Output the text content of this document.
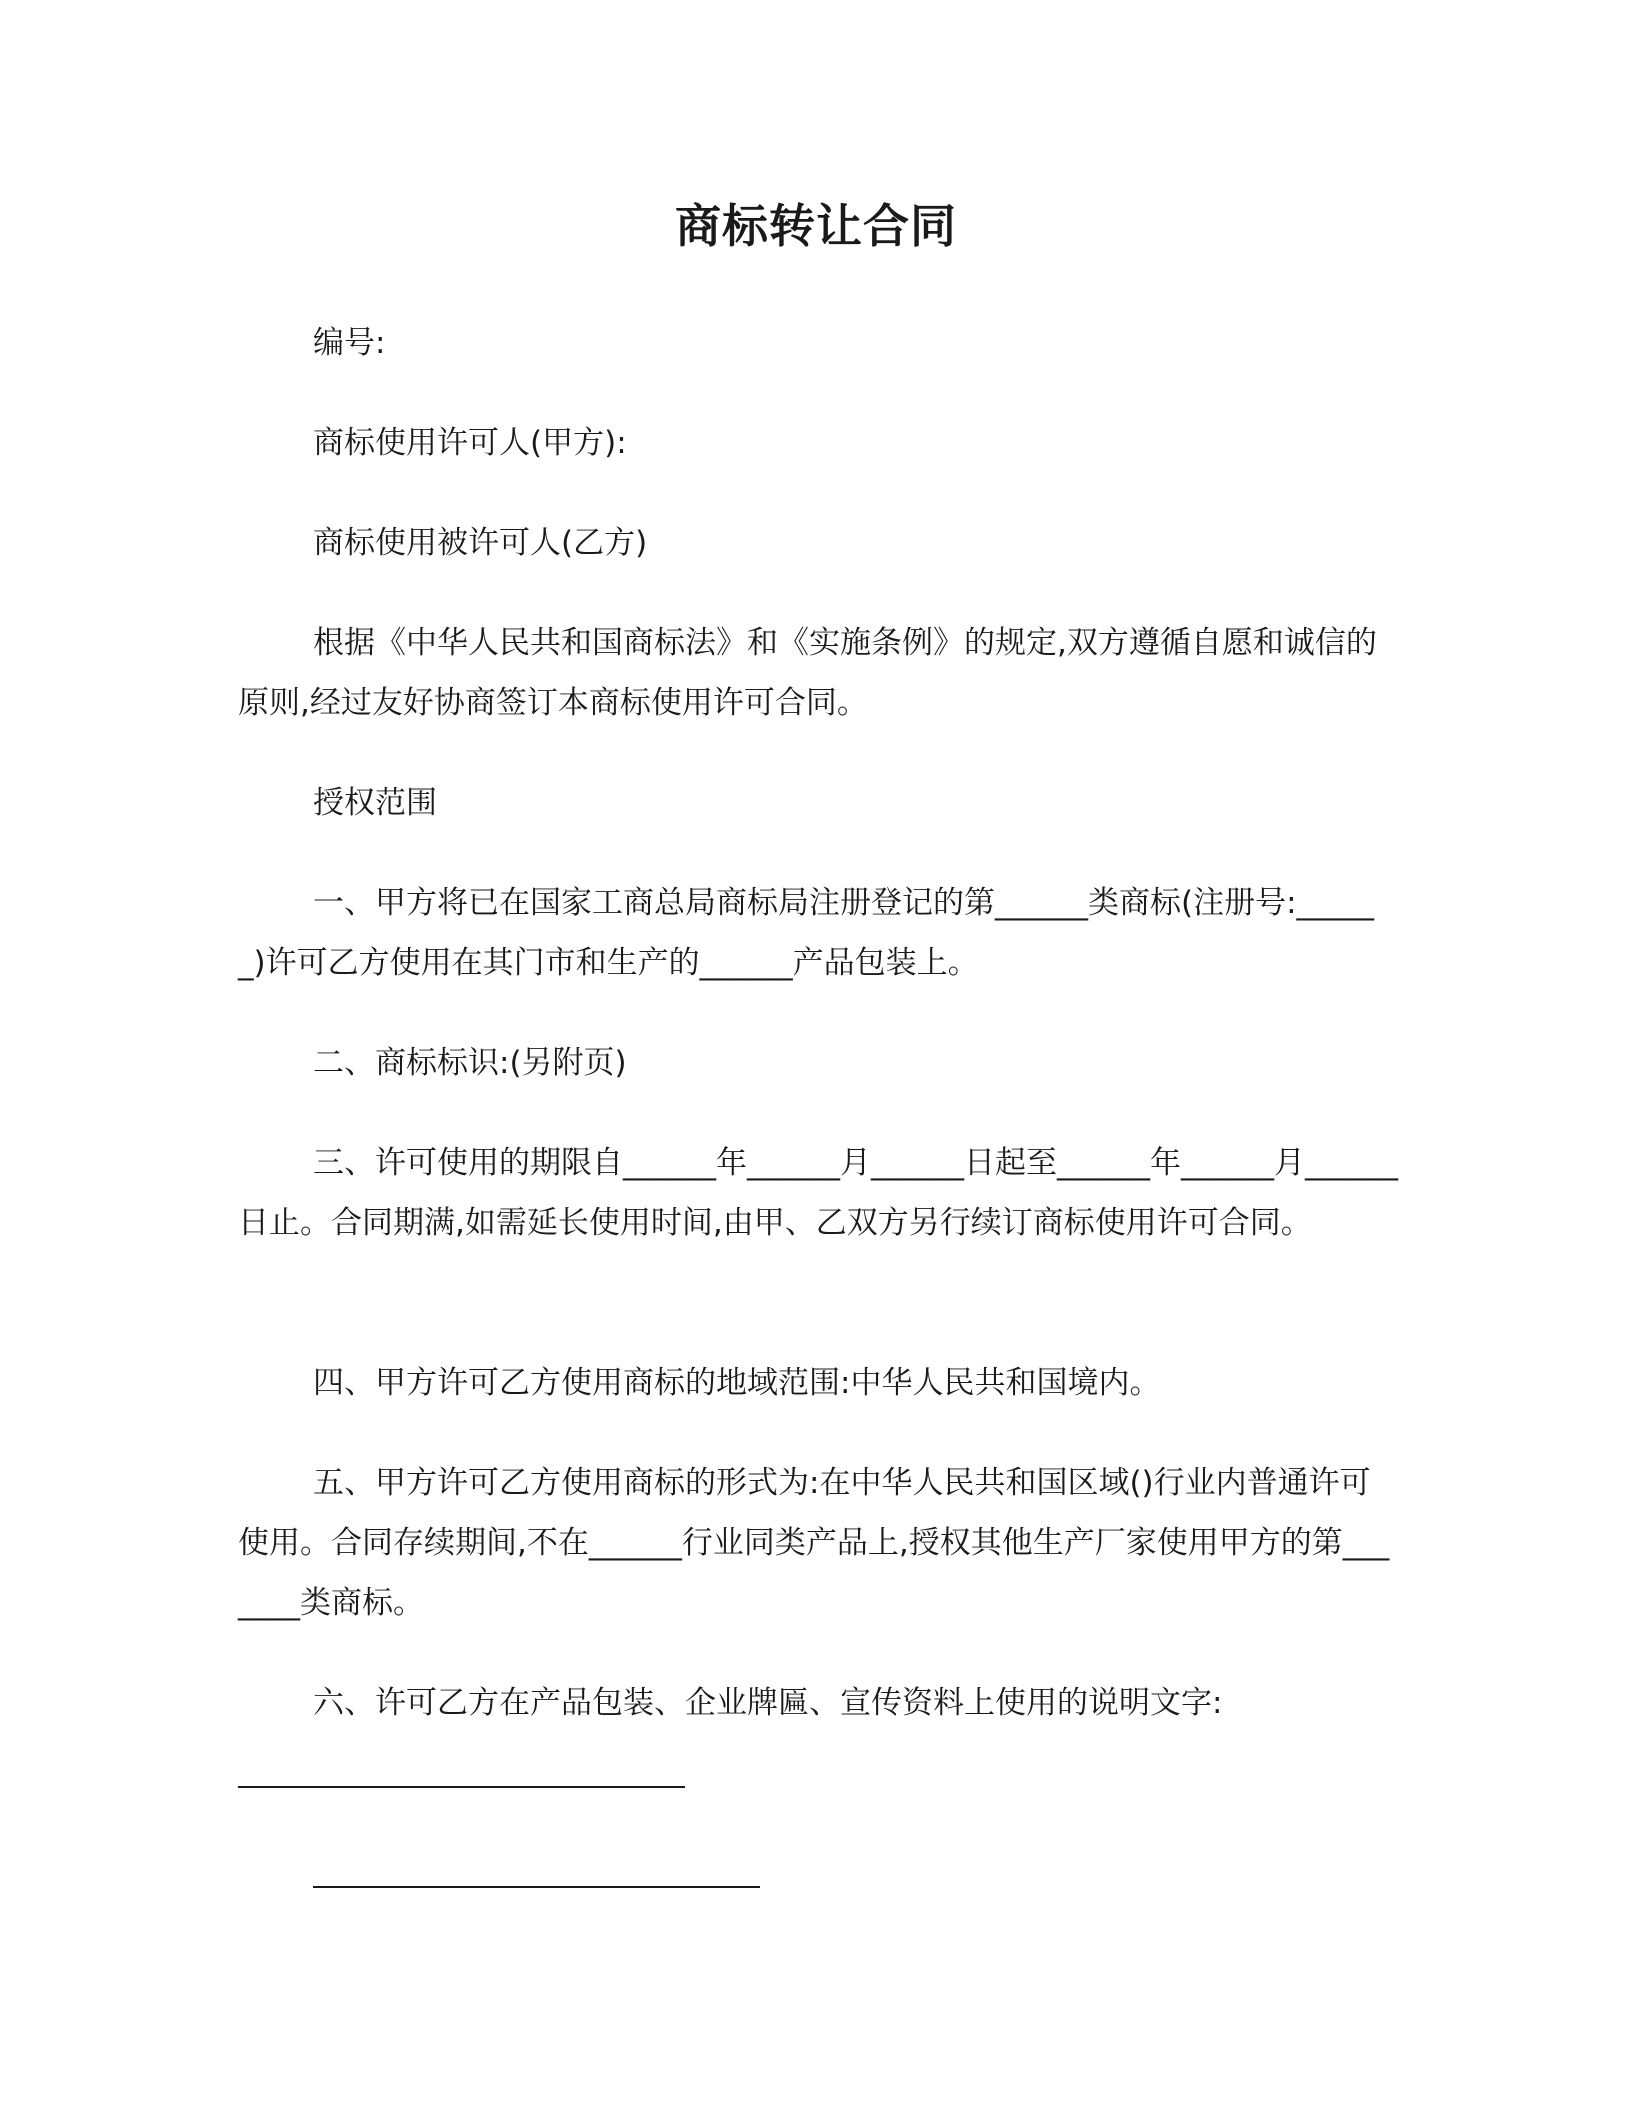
商标转让合同
编号:
商标使用许可人(甲方):
商标使用被许可人(乙方)
根据《中华人民共和国商标法》和《实施条例》的规定,双方遵循自愿和诚信的原则,经过友好协商签订本商标使用许可合同。
授权范围
一、甲方将已在国家工商总局商标局注册登记的第______类商标(注册号:______)许可乙方使用在其门市和生产的______产品包装上。
二、商标标识:(另附页)
三、许可使用的期限自______年______月______日起至______年______月______日止。合同期满,如需延长使用时间,由甲、乙双方另行续订商标使用许可合同。
四、甲方许可乙方使用商标的地域范围:中华人民共和国境内。
五、甲方许可乙方使用商标的形式为:在中华人民共和国区域()行业内普通许可使用。合同存续期间,不在______行业同类产品上,授权其他生产厂家使用甲方的第_______类商标。
六、许可乙方在产品包装、企业牌匾、宣传资料上使用的说明文字:
